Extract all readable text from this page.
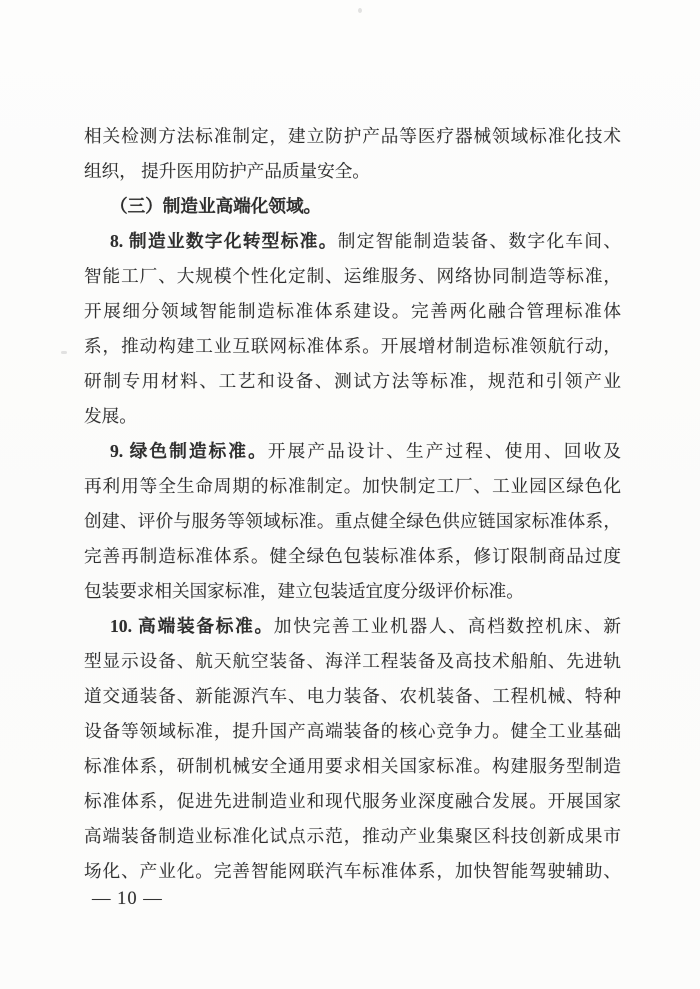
相关检测方法标准制定，建立防护产品等医疗器械领域标准化技术
组织， 提升医用防护产品质量安全。
（三）制造业高端化领域。
8. 制造业数字化转型标准。制定智能制造装备、数字化车间、
智能工厂、大规模个性化定制、运维服务、网络协同制造等标准，
开展细分领域智能制造标准体系建设。完善两化融合管理标准体
系，推动构建工业互联网标准体系。开展增材制造标准领航行动，
研制专用材料、工艺和设备、测试方法等标准，规范和引领产业
发展。
9. 绿色制造标准。开展产品设计、生产过程、使用、回收及
再利用等全生命周期的标准制定。加快制定工厂、工业园区绿色化
创建、评价与服务等领域标准。重点健全绿色供应链国家标准体系，
完善再制造标准体系。健全绿色包装标准体系，修订限制商品过度
包装要求相关国家标准，建立包装适宜度分级评价标准。
10. 高端装备标准。加快完善工业机器人、高档数控机床、新
型显示设备、航天航空装备、海洋工程装备及高技术船舶、先进轨
道交通装备、新能源汽车、电力装备、农机装备、工程机械、特种
设备等领域标准，提升国产高端装备的核心竞争力。健全工业基础
标准体系，研制机械安全通用要求相关国家标准。构建服务型制造
标准体系，促进先进制造业和现代服务业深度融合发展。开展国家
高端装备制造业标准化试点示范，推动产业集聚区科技创新成果市
场化、产业化。完善智能网联汽车标准体系，加快智能驾驶辅助、
— 10 —
